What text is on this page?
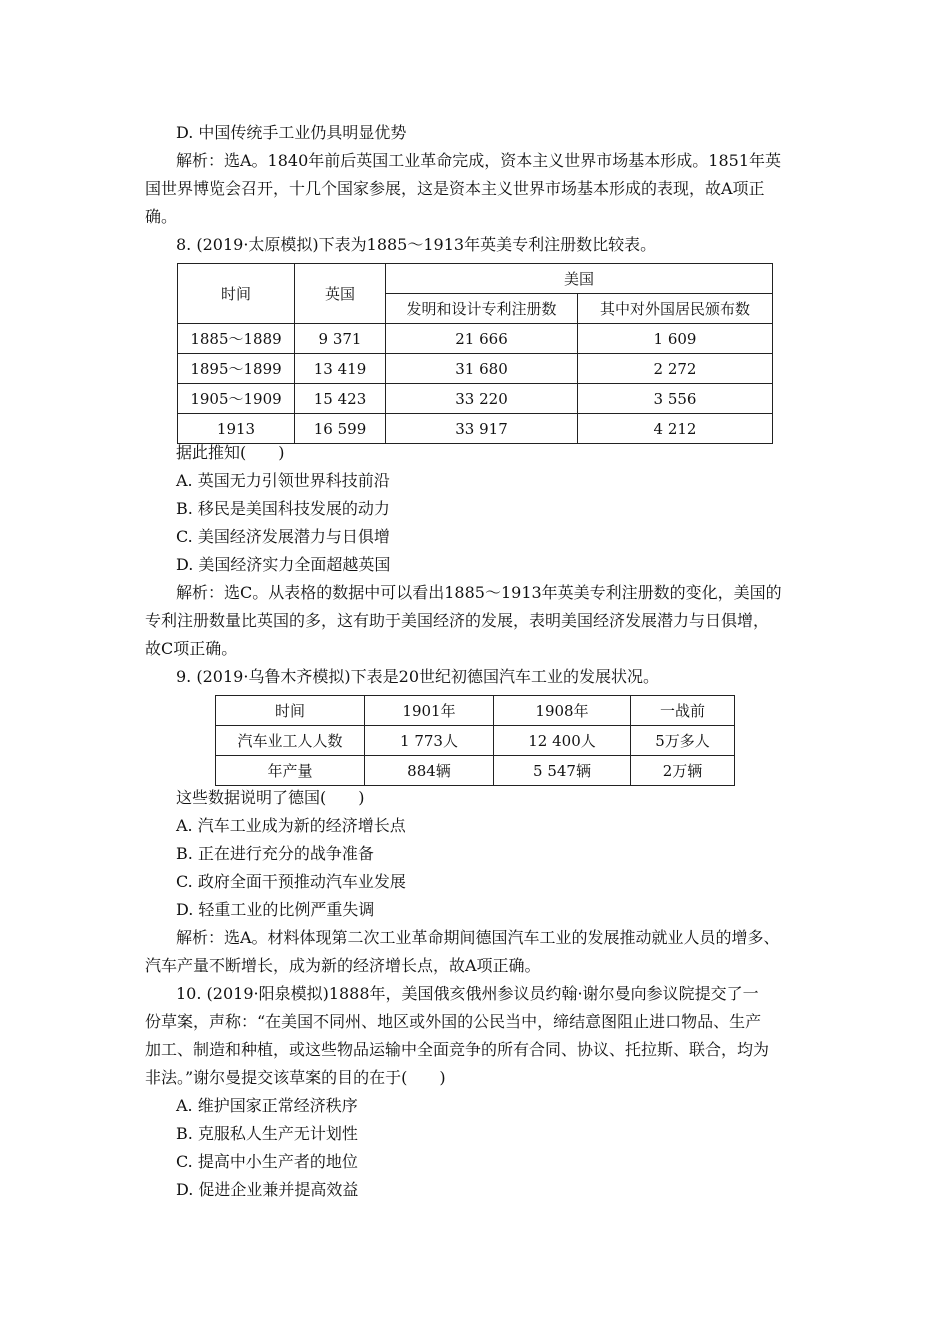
D. 中国传统手工业仍具明显优势
解析：选A。1840年前后英国工业革命完成，资本主义世界市场基本形成。1851年英
国世界博览会召开，十几个国家参展，这是资本主义世界市场基本形成的表现，故A项正
确。
8. (2019·太原模拟)下表为1885～1913年英美专利注册数比较表。
时间	英国	美国	
		发明和设计专利注册数	其中对外国居民颁布数
1885～1889	9 371	21 666	1 609
1895～1899	13 419	31 680	2 272
1905～1909	15 423	33 220	3 556
1913	16 599	33 917	4 212
据此推知(　　)
A. 英国无力引领世界科技前沿
B. 移民是美国科技发展的动力
C. 美国经济发展潜力与日俱增
D. 美国经济实力全面超越英国
解析：选C。从表格的数据中可以看出1885～1913年英美专利注册数的变化，美国的
专利注册数量比英国的多，这有助于美国经济的发展，表明美国经济发展潜力与日俱增，
故C项正确。
9. (2019·乌鲁木齐模拟)下表是20世纪初德国汽车工业的发展状况。
时间	1901年	1908年	一战前
汽车业工人人数	1 773人	12 400人	5万多人
年产量	884辆	5 547辆	2万辆
这些数据说明了德国(　　)
A. 汽车工业成为新的经济增长点
B. 正在进行充分的战争准备
C. 政府全面干预推动汽车业发展
D. 轻重工业的比例严重失调
解析：选A。材料体现第二次工业革命期间德国汽车工业的发展推动就业人员的增多、
汽车产量不断增长，成为新的经济增长点，故A项正确。
10. (2019·阳泉模拟)1888年，美国俄亥俄州参议员约翰·谢尔曼向参议院提交了一
份草案，声称：“在美国不同州、地区或外国的公民当中，缔结意图阻止进口物品、生产
加工、制造和种植，或这些物品运输中全面竞争的所有合同、协议、托拉斯、联合，均为
非法。”谢尔曼提交该草案的目的在于(　　)
A. 维护国家正常经济秩序
B. 克服私人生产无计划性
C. 提高中小生产者的地位
D. 促进企业兼并提高效益
